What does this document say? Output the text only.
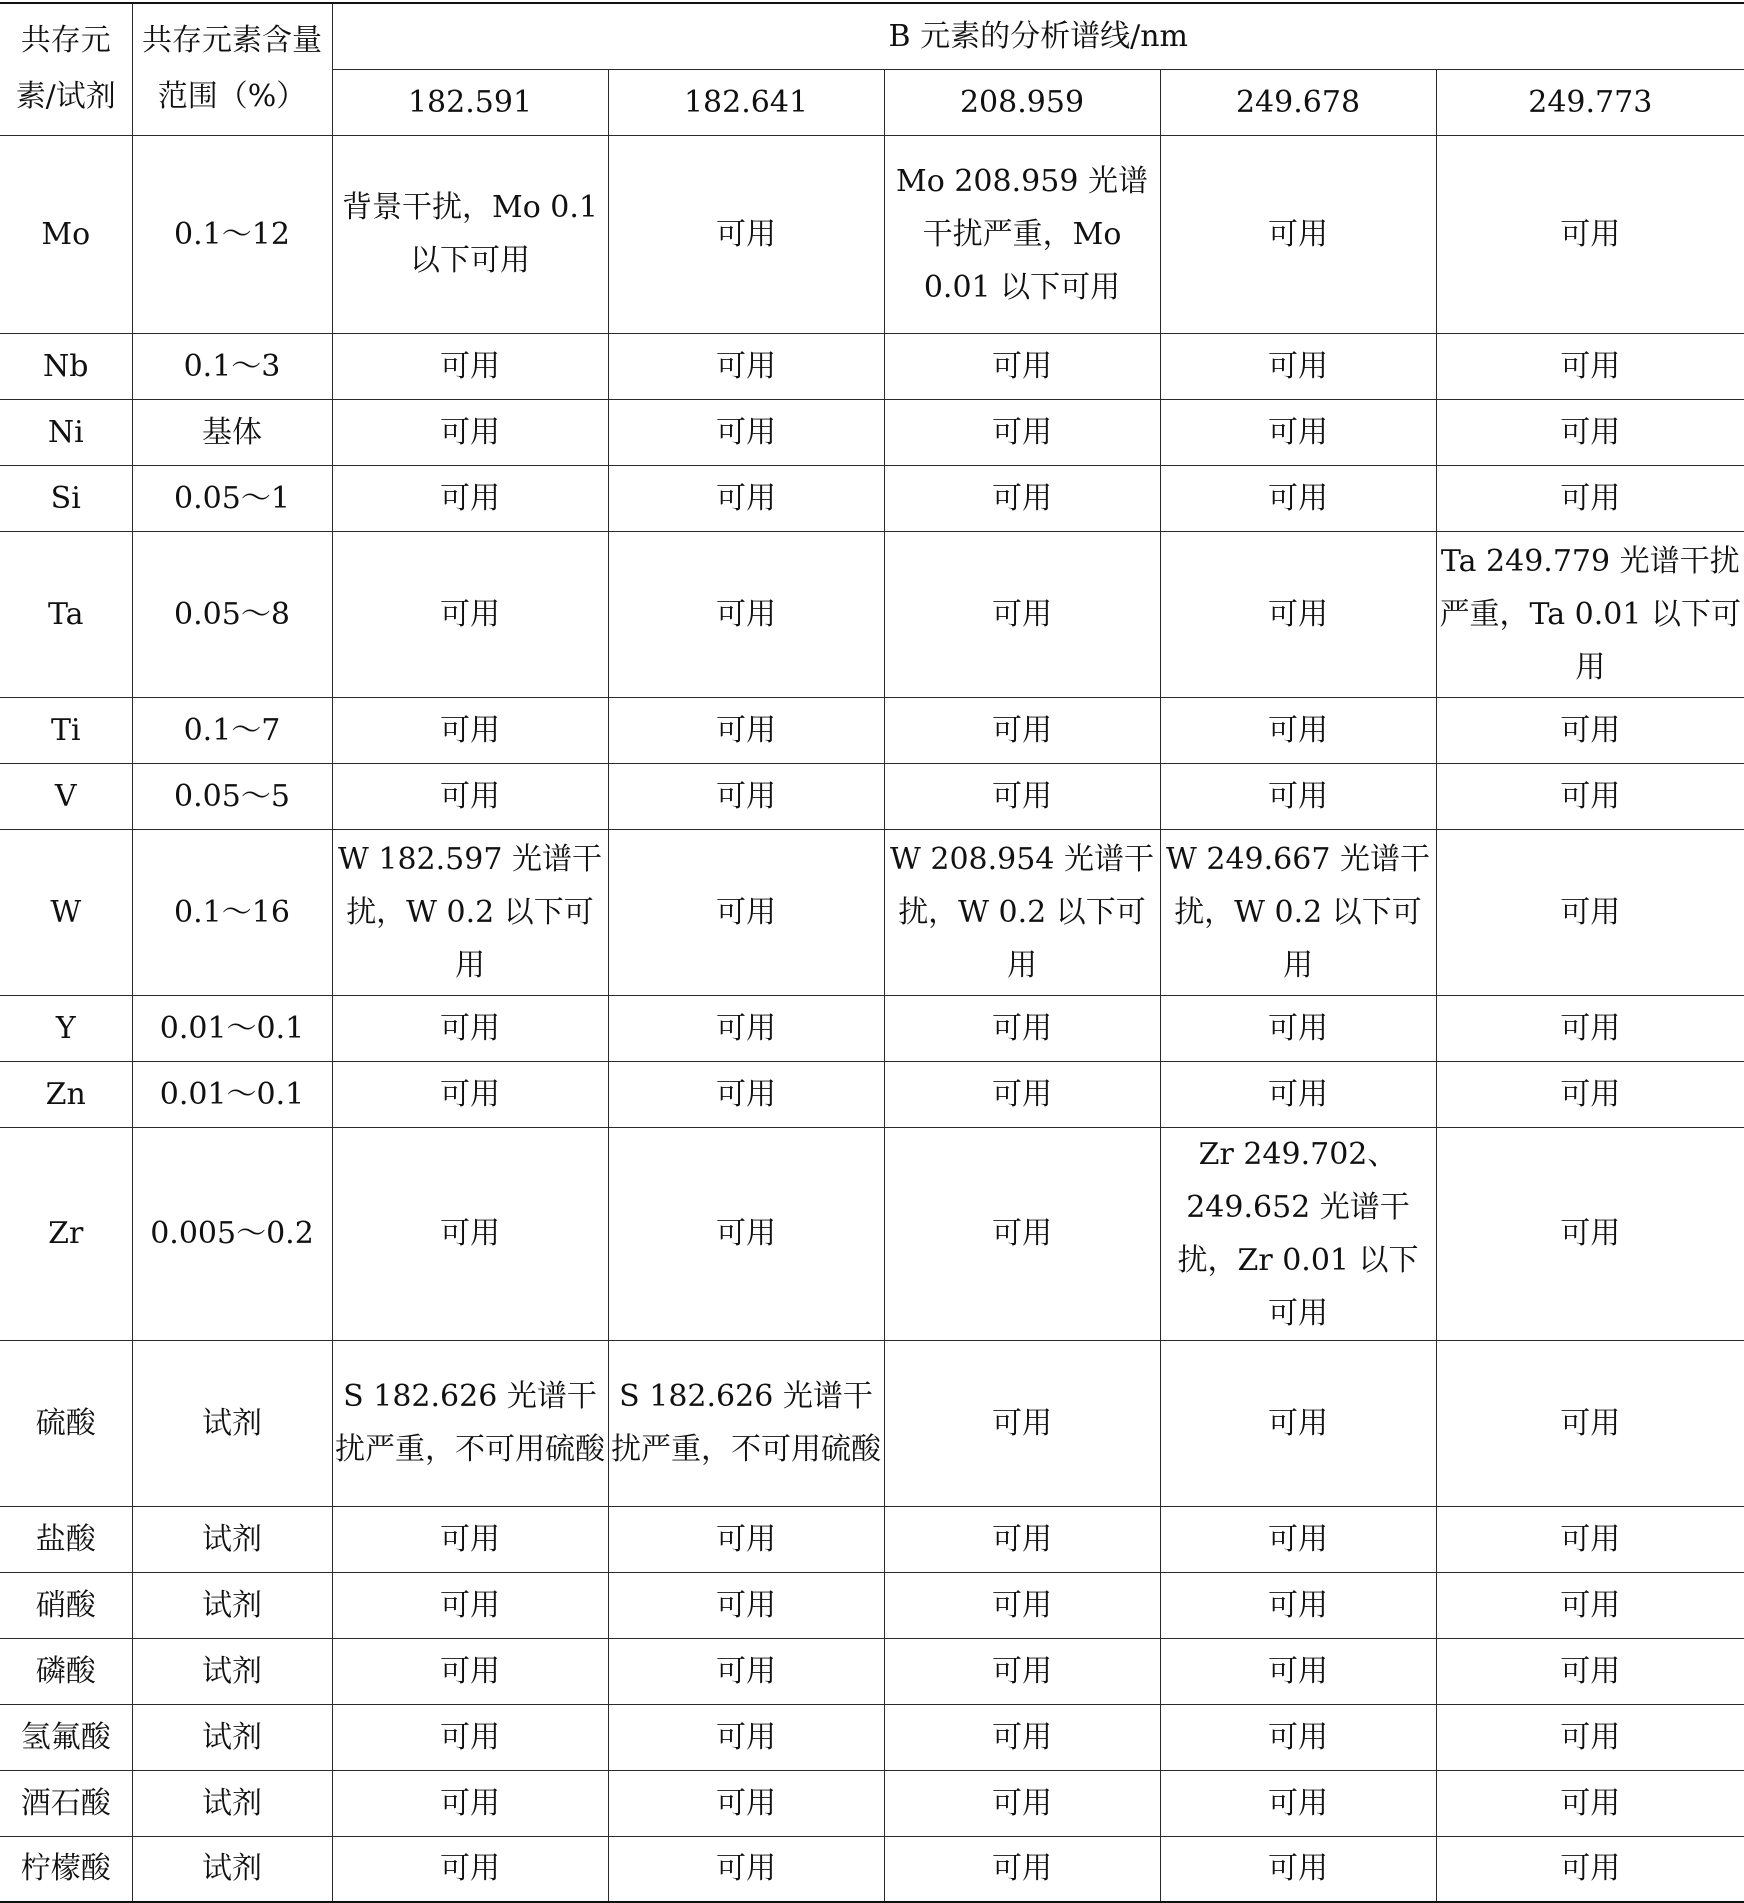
共存元素/试剂	共存元素含量范围（%）	B 元素的分析谱线/nm				
		182.591	182.641	208.959	249.678	249.773
Mo	0.1～12	背景干扰，Mo 0.1 以下可用	可用	Mo 208.959 光谱干扰严重，Mo 0.01 以下可用	可用	可用
Nb	0.1～3	可用	可用	可用	可用	可用
Ni	基体	可用	可用	可用	可用	可用
Si	0.05～1	可用	可用	可用	可用	可用
Ta	0.05～8	可用	可用	可用	可用	Ta 249.779 光谱干扰严重，Ta 0.01 以下可用
Ti	0.1～7	可用	可用	可用	可用	可用
V	0.05～5	可用	可用	可用	可用	可用
W	0.1～16	W 182.597 光谱干扰，W 0.2 以下可用	可用	W 208.954 光谱干扰，W 0.2 以下可用	W 249.667 光谱干扰，W 0.2 以下可用	可用
Y	0.01～0.1	可用	可用	可用	可用	可用
Zn	0.01～0.1	可用	可用	可用	可用	可用
Zr	0.005～0.2	可用	可用	可用	Zr 249.702、249.652 光谱干扰，Zr 0.01 以下可用	可用
硫酸	试剂	S 182.626 光谱干扰严重，不可用硫酸	S 182.626 光谱干扰严重，不可用硫酸	可用	可用	可用
盐酸	试剂	可用	可用	可用	可用	可用
硝酸	试剂	可用	可用	可用	可用	可用
磷酸	试剂	可用	可用	可用	可用	可用
氢氟酸	试剂	可用	可用	可用	可用	可用
酒石酸	试剂	可用	可用	可用	可用	可用
柠檬酸	试剂	可用	可用	可用	可用	可用
